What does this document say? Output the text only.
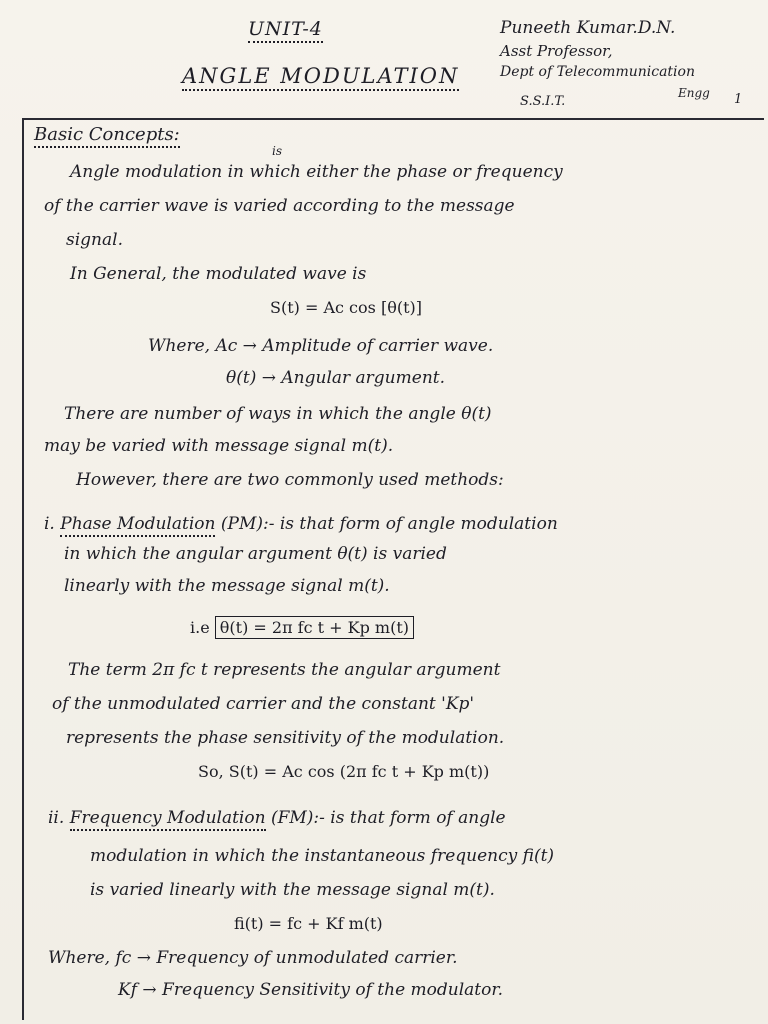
UNIT-4
ANGLE MODULATION
Puneeth Kumar.D.N.
Asst Professor,
Dept of Telecommunication
Engg
S.S.I.T.	1
Basic Concepts:
is
Angle modulation in which either the phase or frequency
of the carrier wave is varied according to the message
signal.
In General, the modulated wave is
S(t) = Ac cos [θ(t)]
Where, Ac → Amplitude of carrier wave.
θ(t) → Angular argument.
There are number of ways in which the angle θ(t)
may be varied with message signal m(t).
However, there are two commonly used methods:
i. Phase Modulation (PM):- is that form of angle modulation
in which the angular argument θ(t) is varied
linearly with the message signal m(t).
i.e θ(t) = 2π fc t + Kp m(t)
The term 2π fc t represents the angular argument
of the unmodulated carrier and the constant 'Kp'
represents the phase sensitivity of the modulation.
So, S(t) = Ac cos (2π fc t + Kp m(t))
ii. Frequency Modulation (FM):- is that form of angle
modulation in which the instantaneous frequency fi(t)
is varied linearly with the message signal m(t).
fi(t) = fc + Kf m(t)
Where, fc → Frequency of unmodulated carrier.
Kf → Frequency Sensitivity of the modulator.
